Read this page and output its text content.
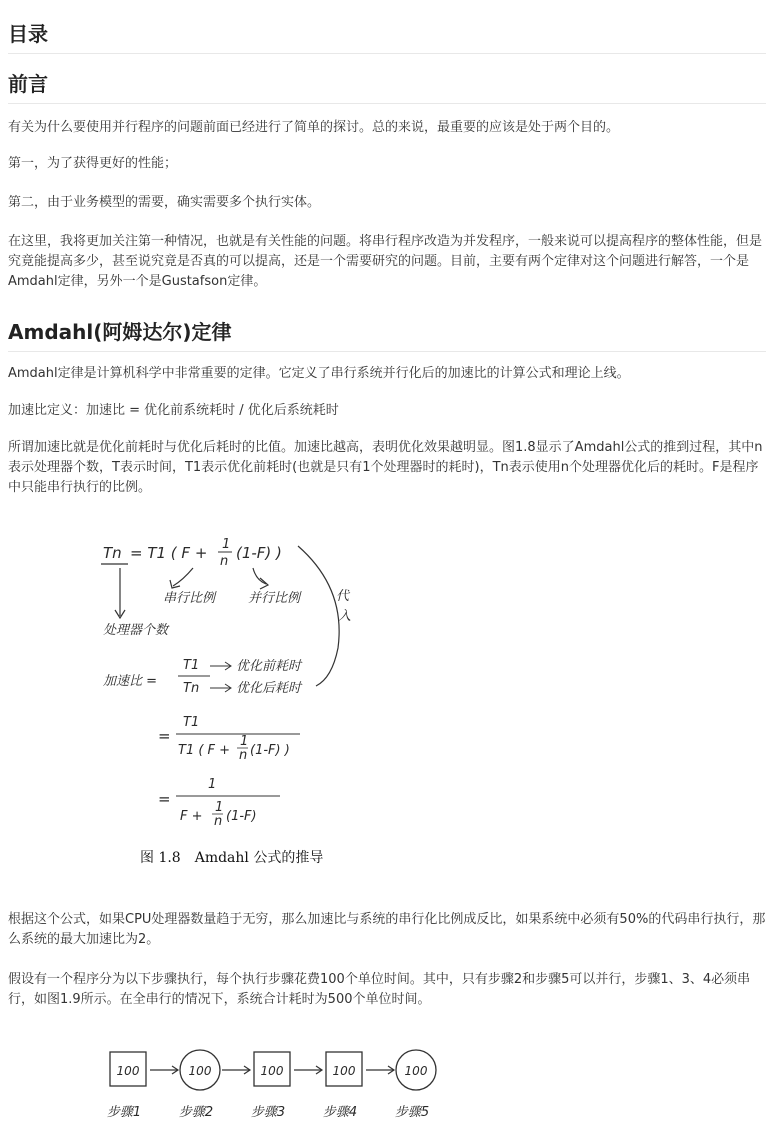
目录
前言

有关为什么要使用并行程序的问题前面已经进行了简单的探讨。总的来说，最重要的应该是处于两个目的。

第一，为了获得更好的性能；

第二，由于业务模型的需要，确实需要多个执行实体。

在这里，我将更加关注第一种情况，也就是有关性能的问题。将串行程序改造为并发程序，一般来说可以提高程序的整体性能，但是究竟能提高多少，甚至说究竟是否真的可以提高，还是一个需要研究的问题。目前，主要有两个定律对这个问题进行解答，一个是Amdahl定律，另外一个是Gustafson定律。

Amdahl(阿姆达尔)定律

Amdahl定律是计算机科学中非常重要的定律。它定义了串行系统并行化后的加速比的计算公式和理论上线。

加速比定义：加速比 = 优化前系统耗时 / 优化后系统耗时

所谓加速比就是优化前耗时与优化后耗时的比值。加速比越高，表明优化效果越明显。图1.8显示了Amdahl公式的推到过程，其中n表示处理器个数，T表示时间，T1表示优化前耗时(也就是只有1个处理器时的耗时)，Tn表示使用n个处理器优化后的耗时。F是程序中只能串行执行的比例。

Tn = T1 ( F + 1
n (1-F) )
串行比例	并行比例
处理器个数
代
入
加速比 =
T1
Tn
优化前耗时
优化后耗时
=
T1
T1 ( F +
1
n (1-F) )
=
1
F +
1
n (1-F)
图 1.8　Amdahl 公式的推导

根据这个公式，如果CPU处理器数量趋于无穷，那么加速比与系统的串行化比例成反比，如果系统中必须有50%的代码串行执行，那么系统的最大加速比为2。

假设有一个程序分为以下步骤执行，每个执行步骤花费100个单位时间。其中，只有步骤2和步骤5可以并行，步骤1、3、4必须串行，如图1.9所示。在全串行的情况下，系统合计耗时为500个单位时间。

100
步骤1
100
步骤2
100
步骤3
100
步骤4
100
步骤5
